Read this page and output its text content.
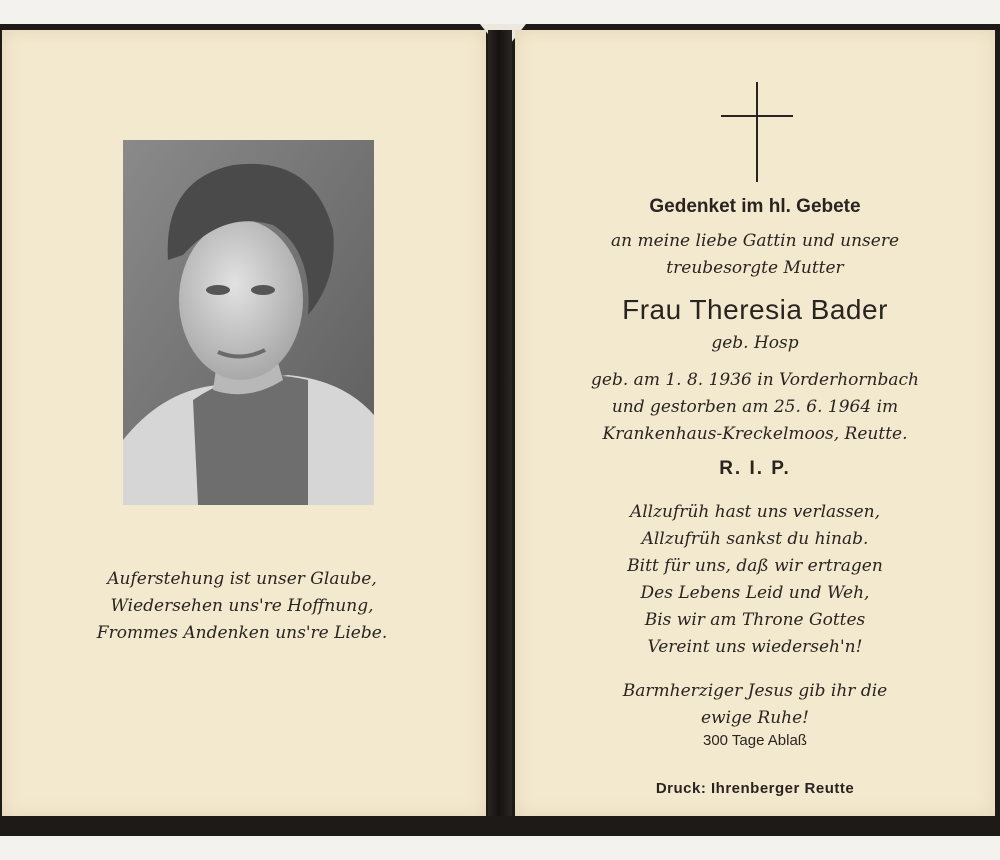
Auferstehung ist unser Glaube,
Wiedersehen uns're Hoffnung,
Frommes Andenken uns're Liebe.
Gedenket im hl. Gebete
an meine liebe Gattin und unsere
treubesorgte Mutter
Frau Theresia Bader
geb. Hosp
geb. am 1. 8. 1936 in Vorderhornbach
und gestorben am 25. 6. 1964 im
Krankenhaus-Kreckelmoos, Reutte.
R. I. P.
Allzufrüh hast uns verlassen,
Allzufrüh sankst du hinab.
Bitt für uns, daß wir ertragen
Des Lebens Leid und Weh,
Bis wir am Throne Gottes
Vereint uns wiederseh'n!
Barmherziger Jesus gib ihr die
ewige Ruhe!
300 Tage Ablaß
Druck: Ihrenberger Reutte
